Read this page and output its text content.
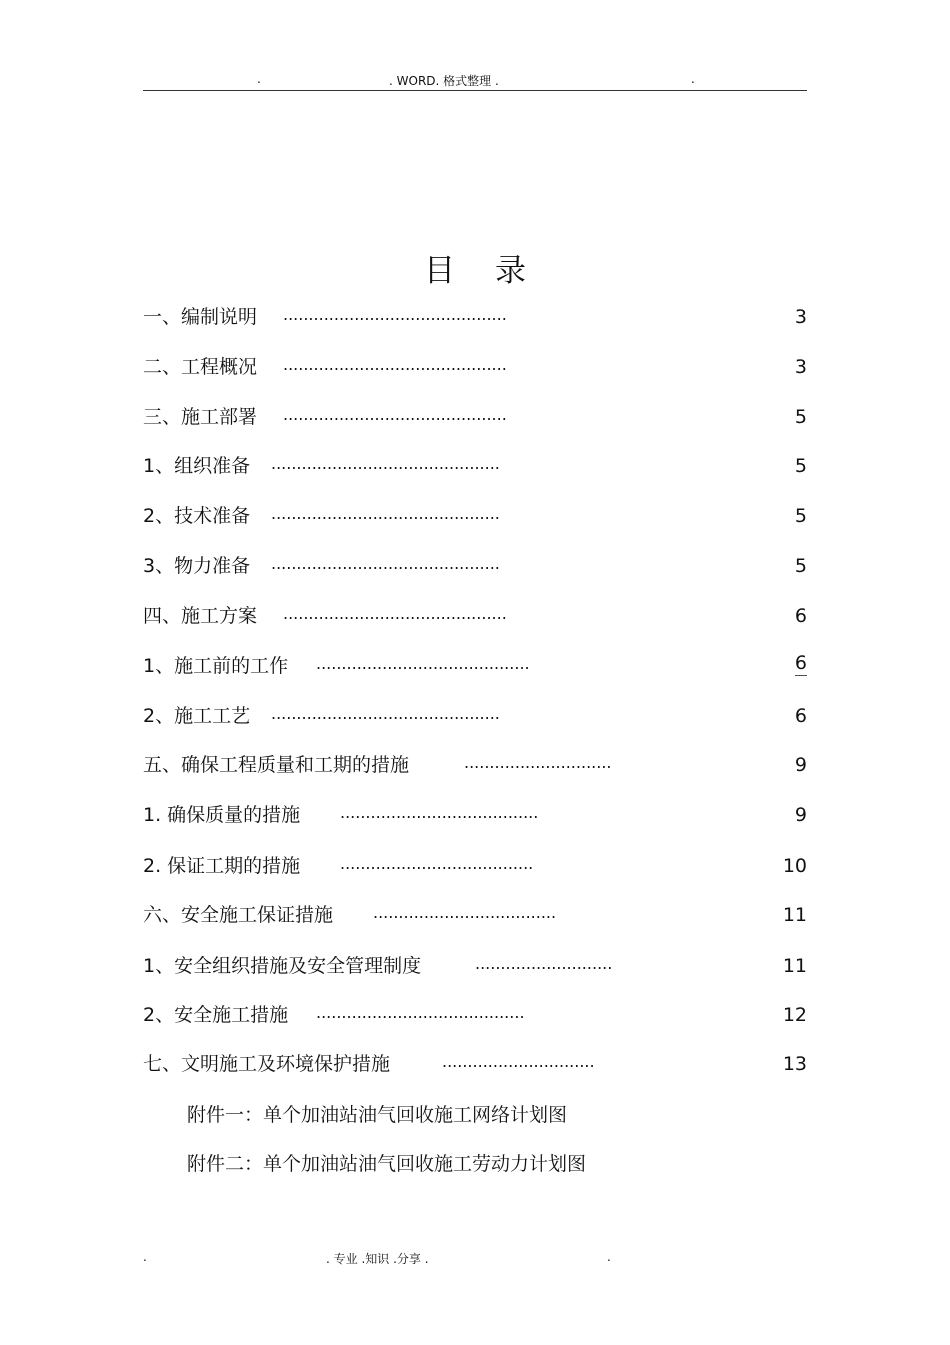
.	. WORD. 格式整理 .	.
目 录
一、编制说明 ............................................	3
二、工程概况 ............................................	3
三、施工部署 ............................................	5
1、组织准备 .............................................	5
2、技术准备 .............................................	5
3、物力准备 .............................................	5
四、施工方案 ............................................	6
1、施工前的工作 ..........................................	6
2、施工工艺 .............................................	6
五、确保工程质量和工期的措施	.............................	9
1. 确保质量的措施 .......................................	9
2. 保证工期的措施 ......................................	10
六、安全施工保证措施 ....................................	11
1、安全组织措施及安全管理制度	...........................	11
2、安全施工措施 .........................................	12
七、文明施工及环境保护措施	..............................	13
附件一：单个加油站油气回收施工网络计划图
附件二：单个加油站油气回收施工劳动力计划图
.	. 专业 .知识 .分享 .	.
